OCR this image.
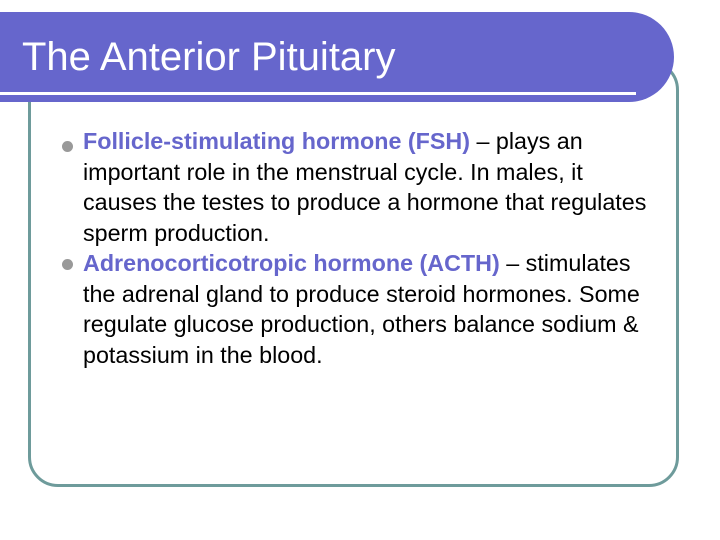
The Anterior Pituitary
Follicle-stimulating hormone (FSH) – plays an important role in the menstrual cycle. In males, it causes the testes to produce a hormone that regulates sperm production.
Adrenocorticotropic hormone (ACTH) – stimulates the adrenal gland to produce steroid hormones. Some regulate glucose production, others balance sodium & potassium in the blood.
